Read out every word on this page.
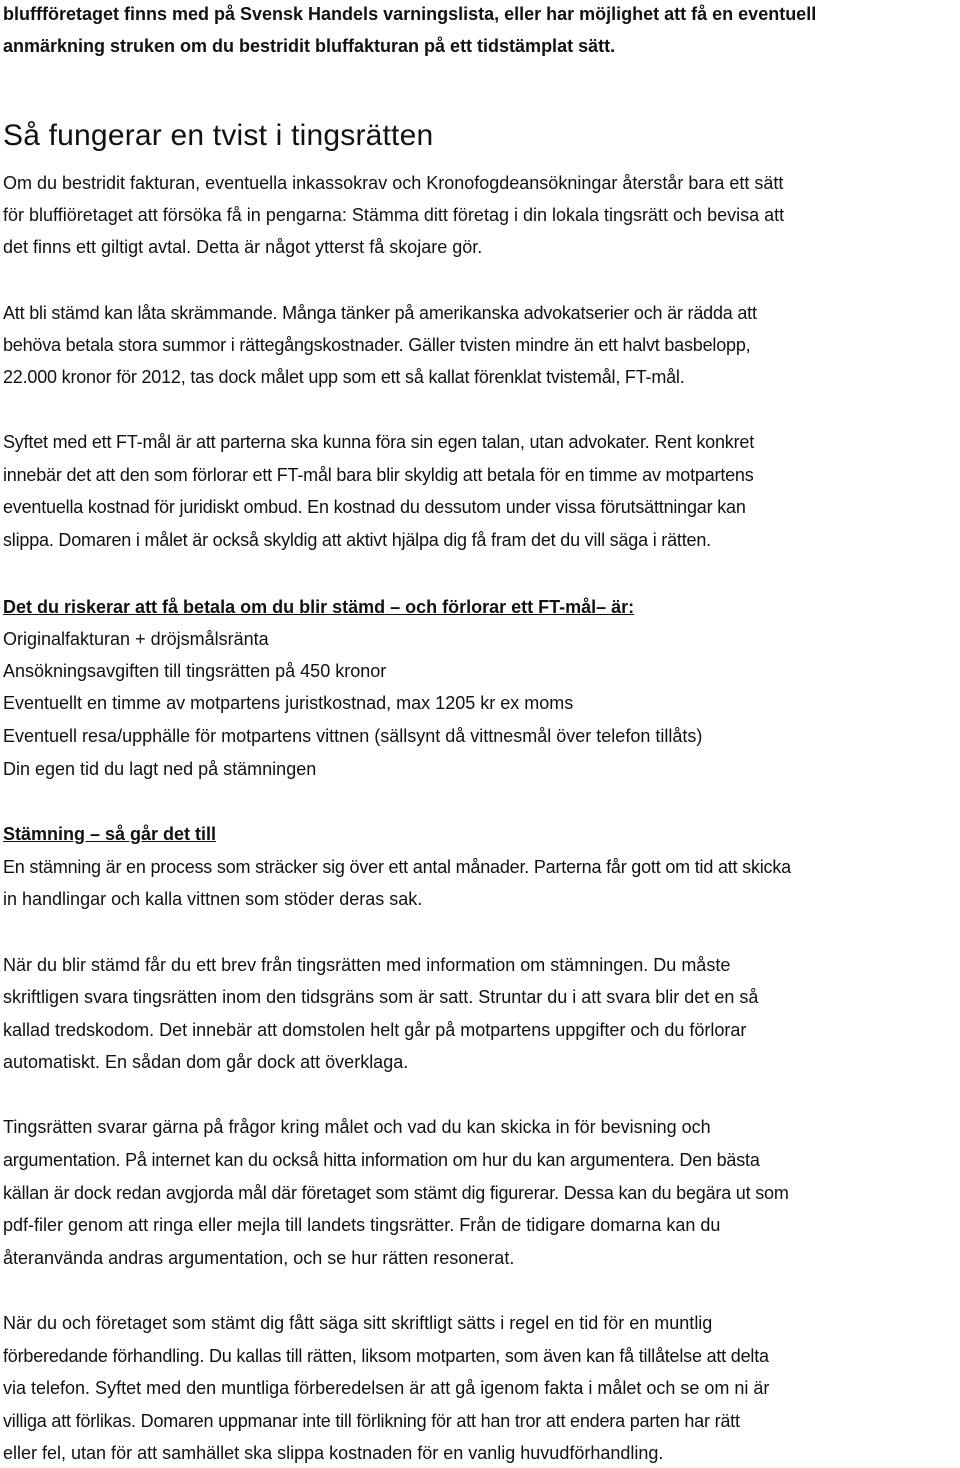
bluffföretaget finns med på Svensk Handels varningslista, eller har möjlighet att få en eventuell
anmärkning struken om du bestridit bluffakturan på ett tidstämplat sätt.
Så fungerar en tvist i tingsrätten
Om du bestridit fakturan, eventuella inkassokrav och Kronofogdeansökningar återstår bara ett sätt
för bluffiöretaget att försöka få in pengarna: Stämma ditt företag i din lokala tingsrätt och bevisa att
det finns ett giltigt avtal. Detta är något ytterst få skojare gör.
Att bli stämd kan låta skrämmande. Många tänker på amerikanska advokatserier och är rädda att
behöva betala stora summor i rättegångskostnader. Gäller tvisten mindre än ett halvt basbelopp,
22.000 kronor för 2012, tas dock målet upp som ett så kallat förenklat tvistemål, FT-mål.
Syftet med ett FT-mål är att parterna ska kunna föra sin egen talan, utan advokater. Rent konkret
innebär det att den som förlorar ett FT-mål bara blir skyldig att betala för en timme av motpartens
eventuella kostnad för juridiskt ombud. En kostnad du dessutom under vissa förutsättningar kan
slippa. Domaren i målet är också skyldig att aktivt hjälpa dig få fram det du vill säga i rätten.
Det du riskerar att få betala om du blir stämd – och förlorar ett FT-mål– är:
Originalfakturan + dröjsmålsränta
Ansökningsavgiften till tingsrätten på 450 kronor
Eventuellt en timme av motpartens juristkostnad, max 1205 kr ex moms
Eventuell resa/upphälle för motpartens vittnen (sällsynt då vittnesmål över telefon tillåts)
Din egen tid du lagt ned på stämningen
Stämning – så går det till
En stämning är en process som sträcker sig över ett antal månader. Parterna får gott om tid att skicka
in handlingar och kalla vittnen som stöder deras sak.
När du blir stämd får du ett brev från tingsrätten med information om stämningen. Du måste
skriftligen svara tingsrätten inom den tidsgräns som är satt. Struntar du i att svara blir det en så
kallad tredskodom. Det innebär att domstolen helt går på motpartens uppgifter och du förlorar
automatiskt. En sådan dom går dock att överklaga.
Tingsrätten svarar gärna på frågor kring målet och vad du kan skicka in för bevisning och
argumentation. På internet kan du också hitta information om hur du kan argumentera. Den bästa
källan är dock redan avgjorda mål där företaget som stämt dig figurerar. Dessa kan du begära ut som
pdf-filer genom att ringa eller mejla till landets tingsrätter. Från de tidigare domarna kan du
återanvända andras argumentation, och se hur rätten resonerat.
När du och företaget som stämt dig fått säga sitt skriftligt sätts i regel en tid för en muntlig
förberedande förhandling. Du kallas till rätten, liksom motparten, som även kan få tillåtelse att delta
via telefon. Syftet med den muntliga förberedelsen är att gå igenom fakta i målet och se om ni är
villiga att förlikas. Domaren uppmanar inte till förlikning för att han tror att endera parten har rätt
eller fel, utan för att samhället ska slippa kostnaden för en vanlig huvudförhandling.
